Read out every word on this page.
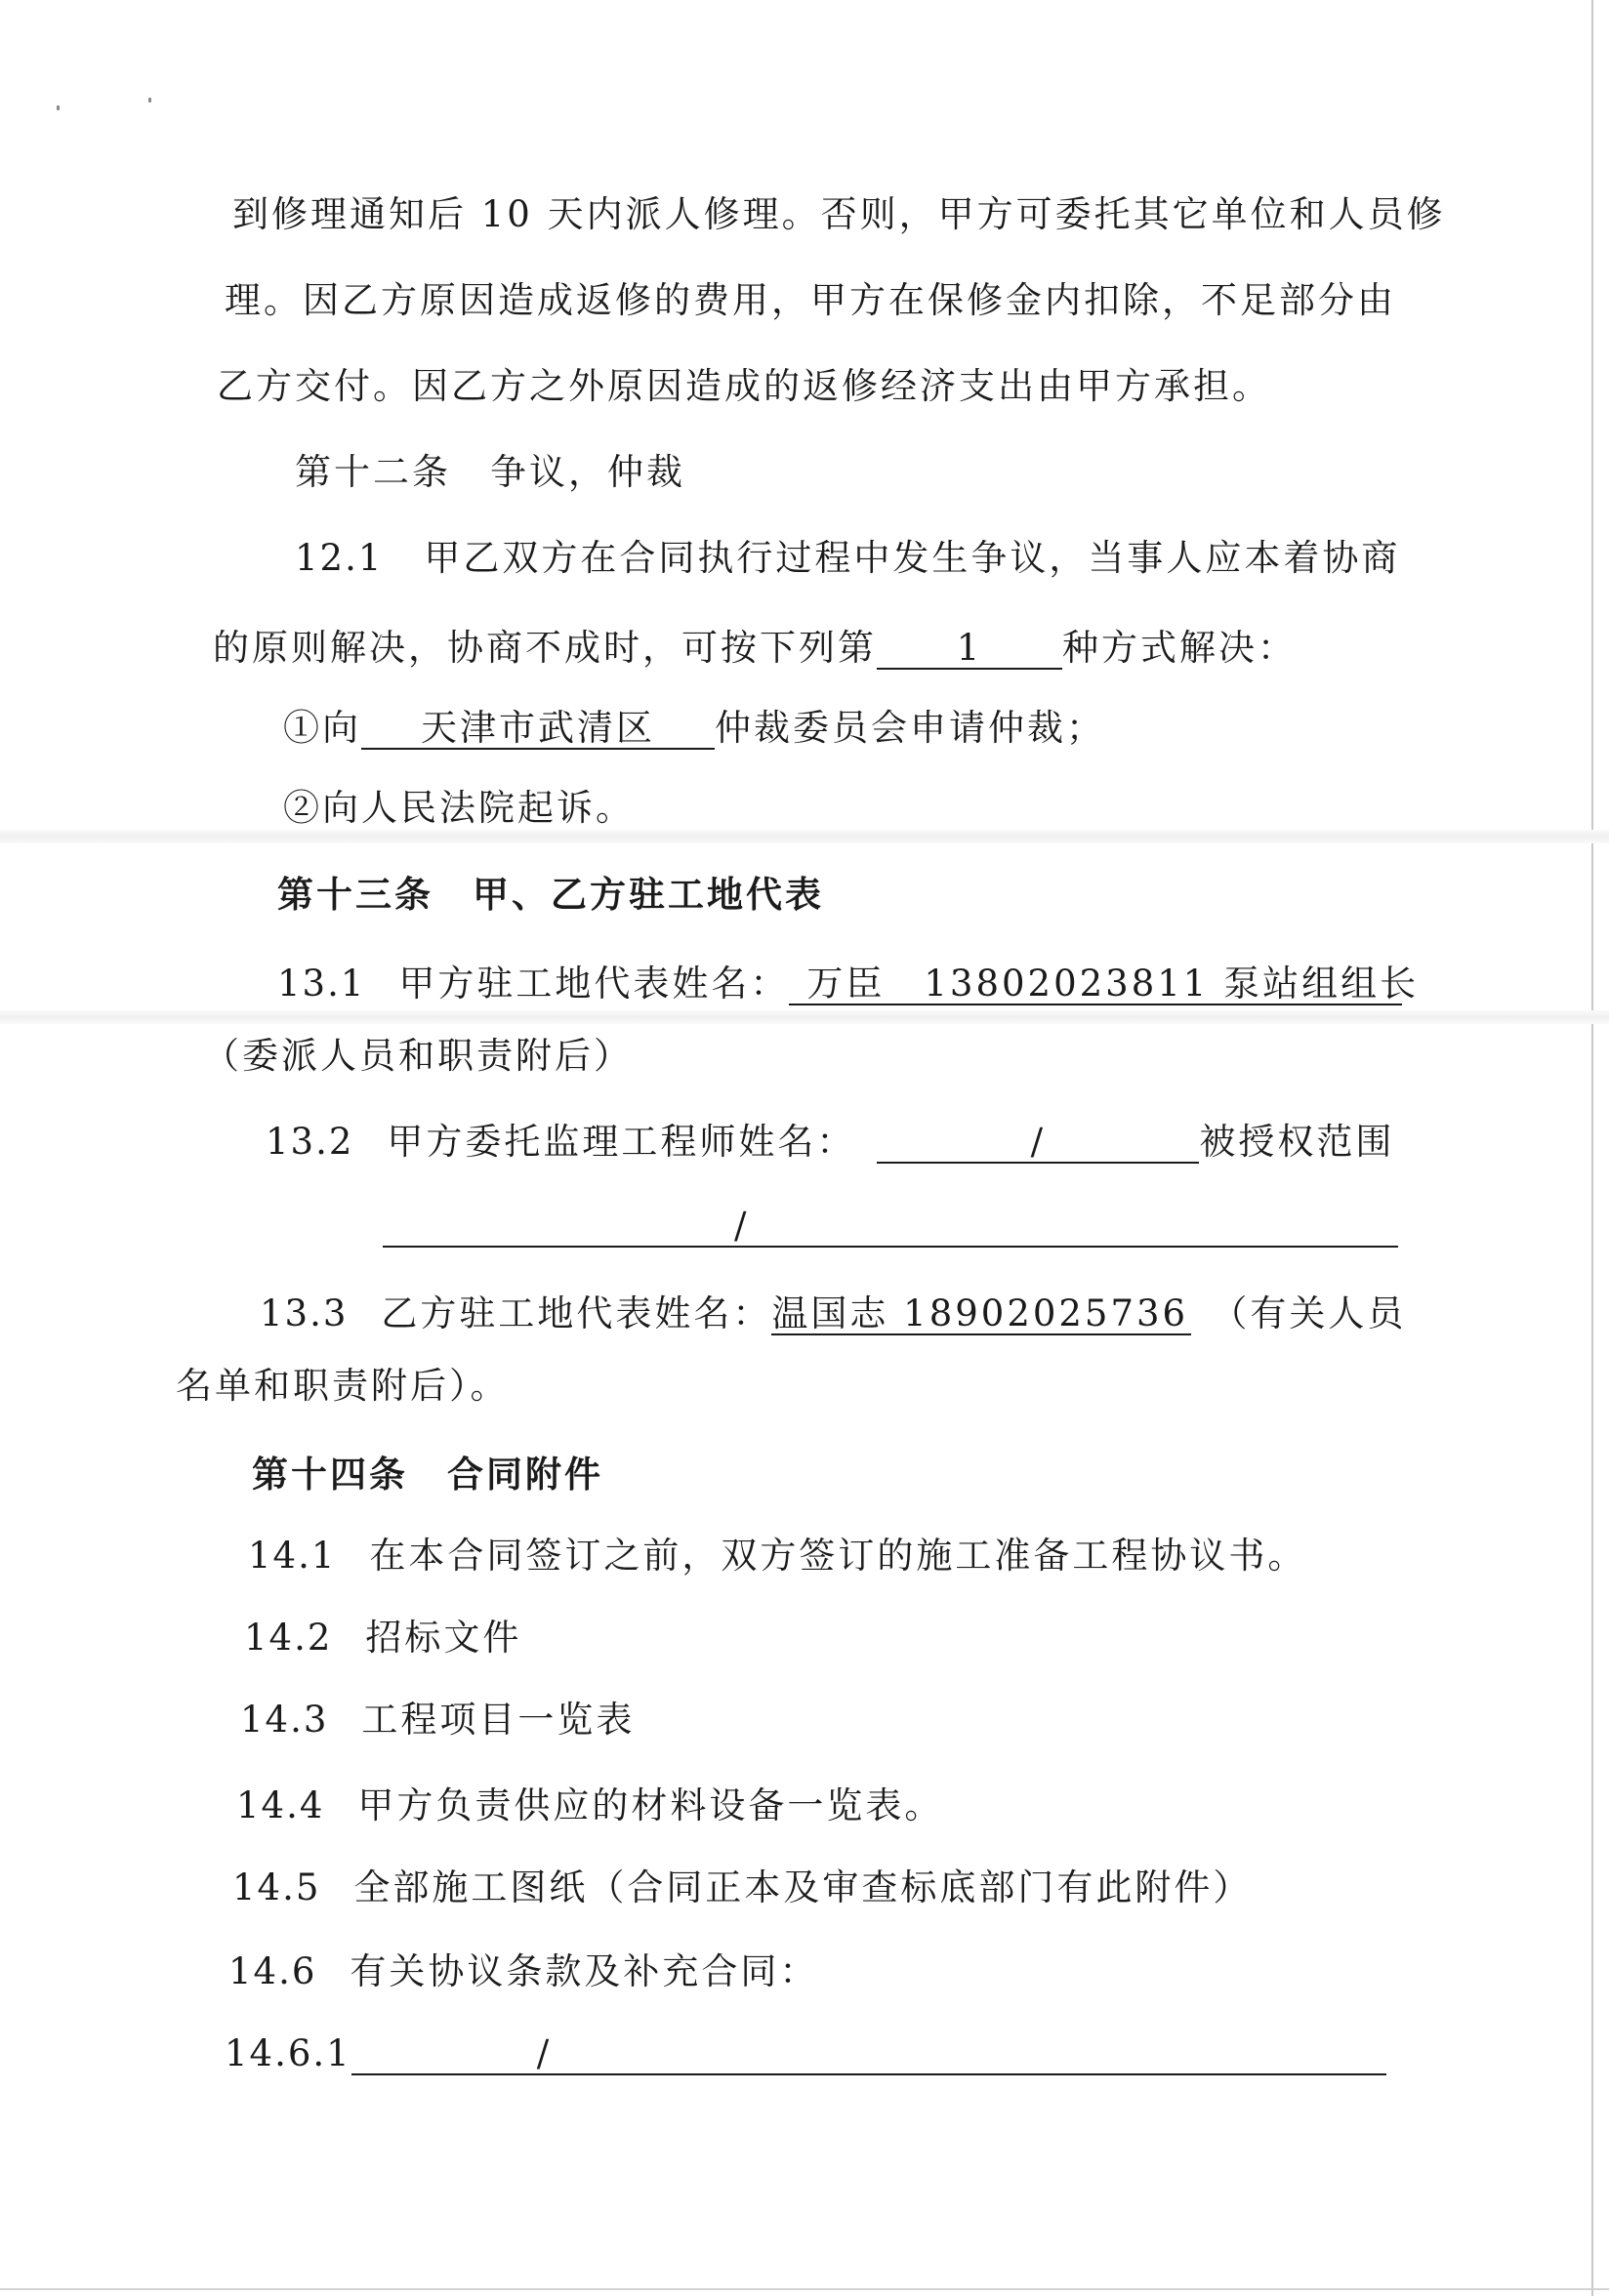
到修理通知后 10 天内派人修理。否则，甲方可委托其它单位和人员修
理。因乙方原因造成返修的费用，甲方在保修金内扣除，不足部分由
乙方交付。因乙方之外原因造成的返修经济支出由甲方承担。
第十二条　争议，仲裁
12.1 甲乙双方在合同执行过程中发生争议，当事人应本着协商
的原则解决，协商不成时，可按下列第 1 种方式解决：
①向 天津市武清区 仲裁委员会申请仲裁；
②向人民法院起诉。
第十三条　甲、乙方驻工地代表
13.1 甲方驻工地代表姓名： 万臣　13802023811 泵站组组长
（委派人员和职责附后）
13.2 甲方委托监理工程师姓名：	/	被授权范围
/
13.3 乙方驻工地代表姓名：温国志 18902025736 （有关人员
名单和职责附后）。
第十四条　合同附件
14.1 在本合同签订之前，双方签订的施工准备工程协议书。
14.2 招标文件
14.3 工程项目一览表
14.4 甲方负责供应的材料设备一览表。
14.5 全部施工图纸（合同正本及审查标底部门有此附件）
14.6 有关协议条款及补充合同：
14.6.1	/
